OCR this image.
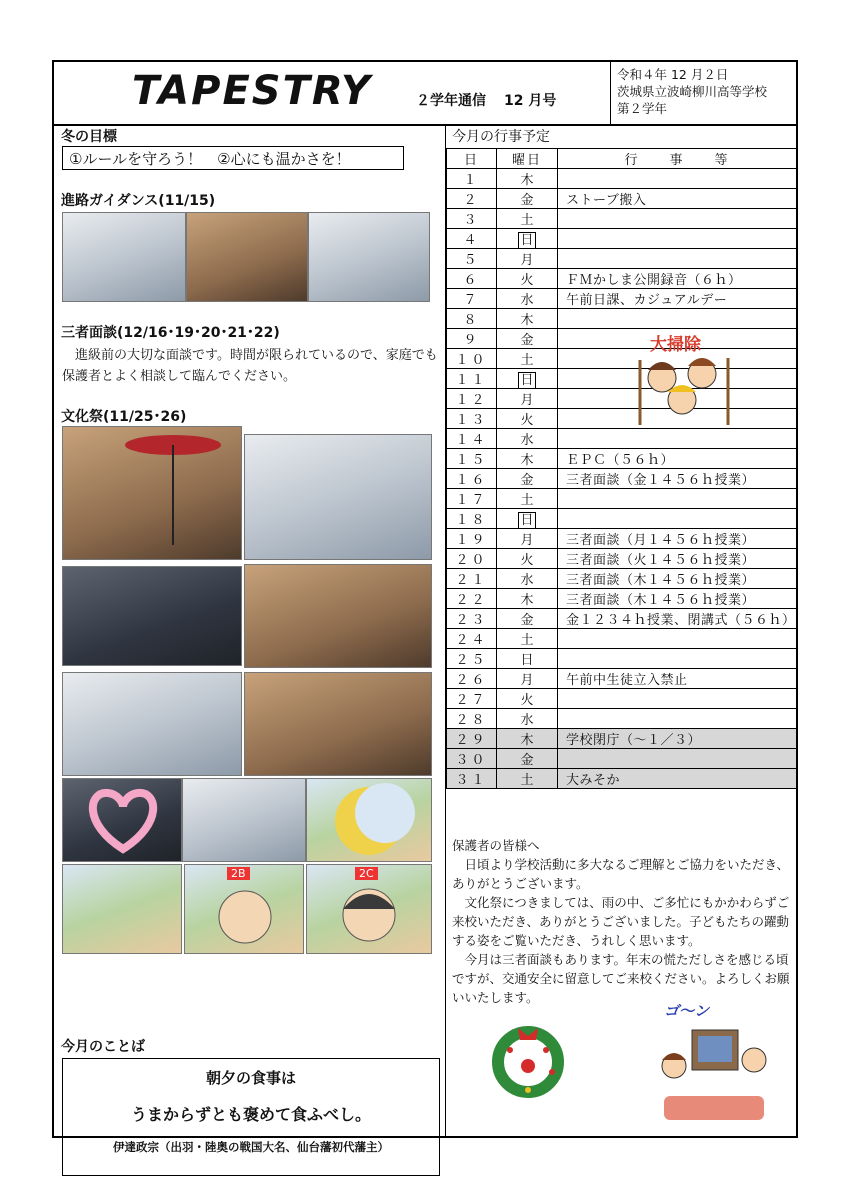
TAPESTRY	２学年通信 12 月号
令和４年 12 月２日
茨城県立波崎柳川高等学校
第２学年
冬の目標
①ルールを守ろう！　②心にも温かさを！
進路ガイダンス(11/15)
三者面談(12/16･19･20･21･22)
進級前の大切な面談です。時間が限られているので、家庭でも保護者とよく相談して臨んでください。
文化祭(11/25･26)
2B	2C
今月のことば
朝夕の食事は
うまからずとも褒めて食ふべし。
伊達政宗（出羽・陸奥の戦国大名、仙台藩初代藩主）
今月の行事予定
日	曜日	行　　事　　等
１	木	
２	金	ストーブ搬入
３	土	
４	日	
５	月	
６	火	ＦＭかしま公開録音（６ｈ）
７	水	午前日課、カジュアルデー
８	木	
９	金	
１０	土	
１１	日	
１２	月	
１３	火	
１４	水	
１５	木	ＥＰＣ（５６ｈ）
１６	金	三者面談（金１４５６ｈ授業）
１７	土	
１８	日	
１９	月	三者面談（月１４５６ｈ授業）
２０	火	三者面談（火１４５６ｈ授業）
２１	水	三者面談（木１４５６ｈ授業）
２２	木	三者面談（木１４５６ｈ授業）
２３	金	金１２３４ｈ授業、閉講式（５６ｈ）
２４	土	
２５	日	
２６	月	午前中生徒立入禁止
２７	火	
２８	水	
２９	木	学校閉庁（～１／３）
３０	金	
３１	土	大みそか
大掃除
保護者の皆様へ

日頃より学校活動に多大なるご理解とご協力をいただき、ありがとうございます。

文化祭につきましては、雨の中、ご多忙にもかかわらずご来校いただき、ありがとうございました。子どもたちの躍動する姿をご覧いただき、うれしく思います。

今月は三者面談もあります。年末の慌ただしさを感じる頃ですが、交通安全に留意してご来校ください。よろしくお願いいたします。

ゴ～ン
